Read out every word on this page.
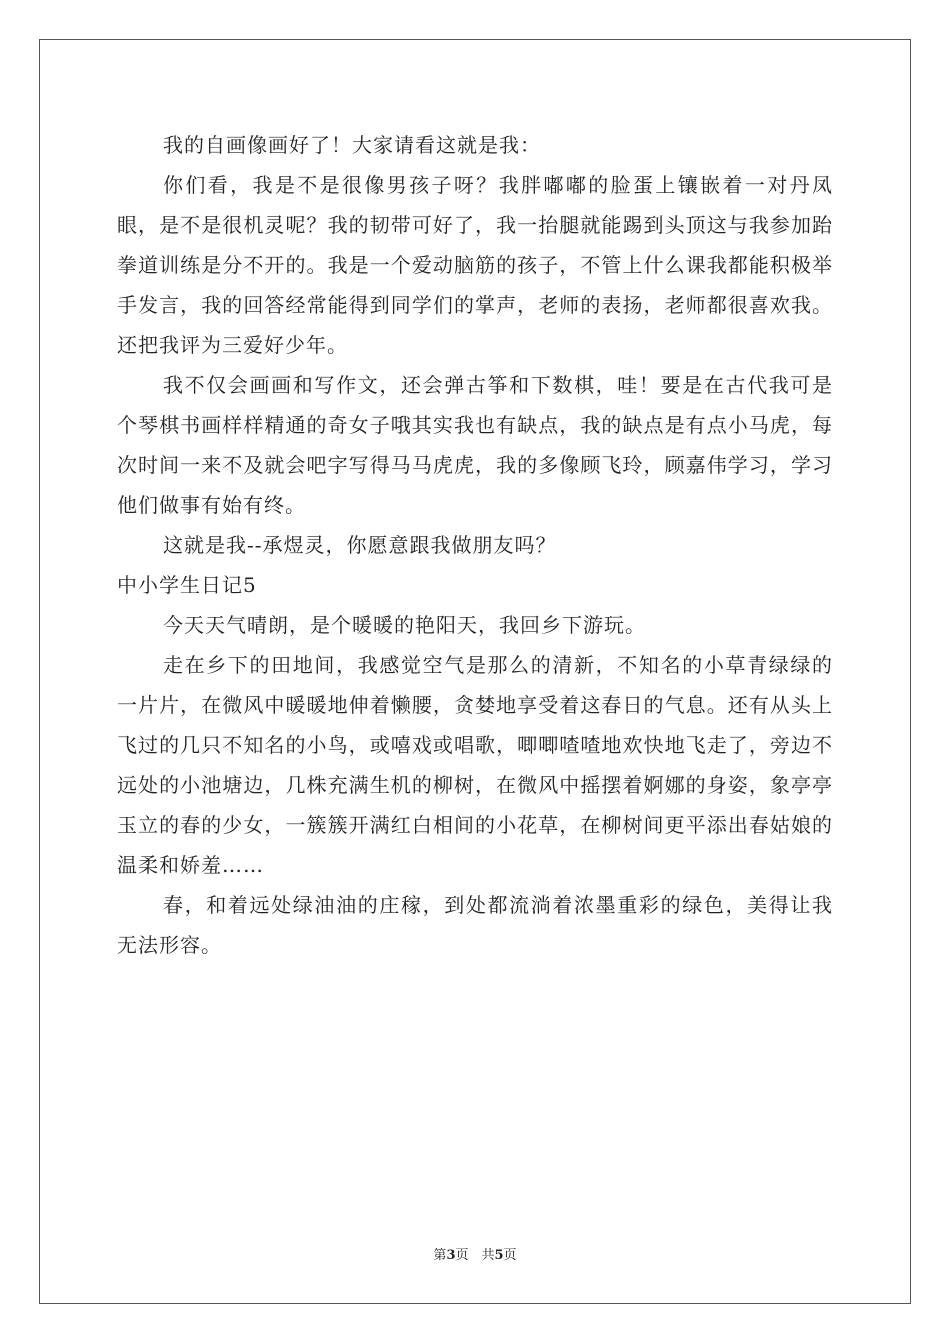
我的自画像画好了！大家请看这就是我：

你们看，我是不是很像男孩子呀？我胖嘟嘟的脸蛋上镶嵌着一对丹凤眼，是不是很机灵呢？我的韧带可好了，我一抬腿就能踢到头顶这与我参加跆拳道训练是分不开的。我是一个爱动脑筋的孩子，不管上什么课我都能积极举手发言，我的回答经常能得到同学们的掌声，老师的表扬，老师都很喜欢我。还把我评为三爱好少年。

我不仅会画画和写作文，还会弹古筝和下数棋，哇！要是在古代我可是个琴棋书画样样精通的奇女子哦其实我也有缺点，我的缺点是有点小马虎，每次时间一来不及就会吧字写得马马虎虎，我的多像顾飞玲，顾嘉伟学习，学习他们做事有始有终。

这就是我--承煜灵，你愿意跟我做朋友吗？

中小学生日记5

今天天气晴朗，是个暖暖的艳阳天，我回乡下游玩。

走在乡下的田地间，我感觉空气是那么的清新，不知名的小草青绿绿的一片片，在微风中暖暖地伸着懒腰，贪婪地享受着这春日的气息。还有从头上飞过的几只不知名的小鸟，或嘻戏或唱歌，唧唧喳喳地欢快地飞走了，旁边不远处的小池塘边，几株充满生机的柳树，在微风中摇摆着婀娜的身姿，象亭亭玉立的春的少女，一簇簇开满红白相间的小花草，在柳树间更平添出春姑娘的温柔和娇羞……

春，和着远处绿油油的庄稼，到处都流淌着浓墨重彩的绿色，美得让我无法形容。

第3页　共5页
